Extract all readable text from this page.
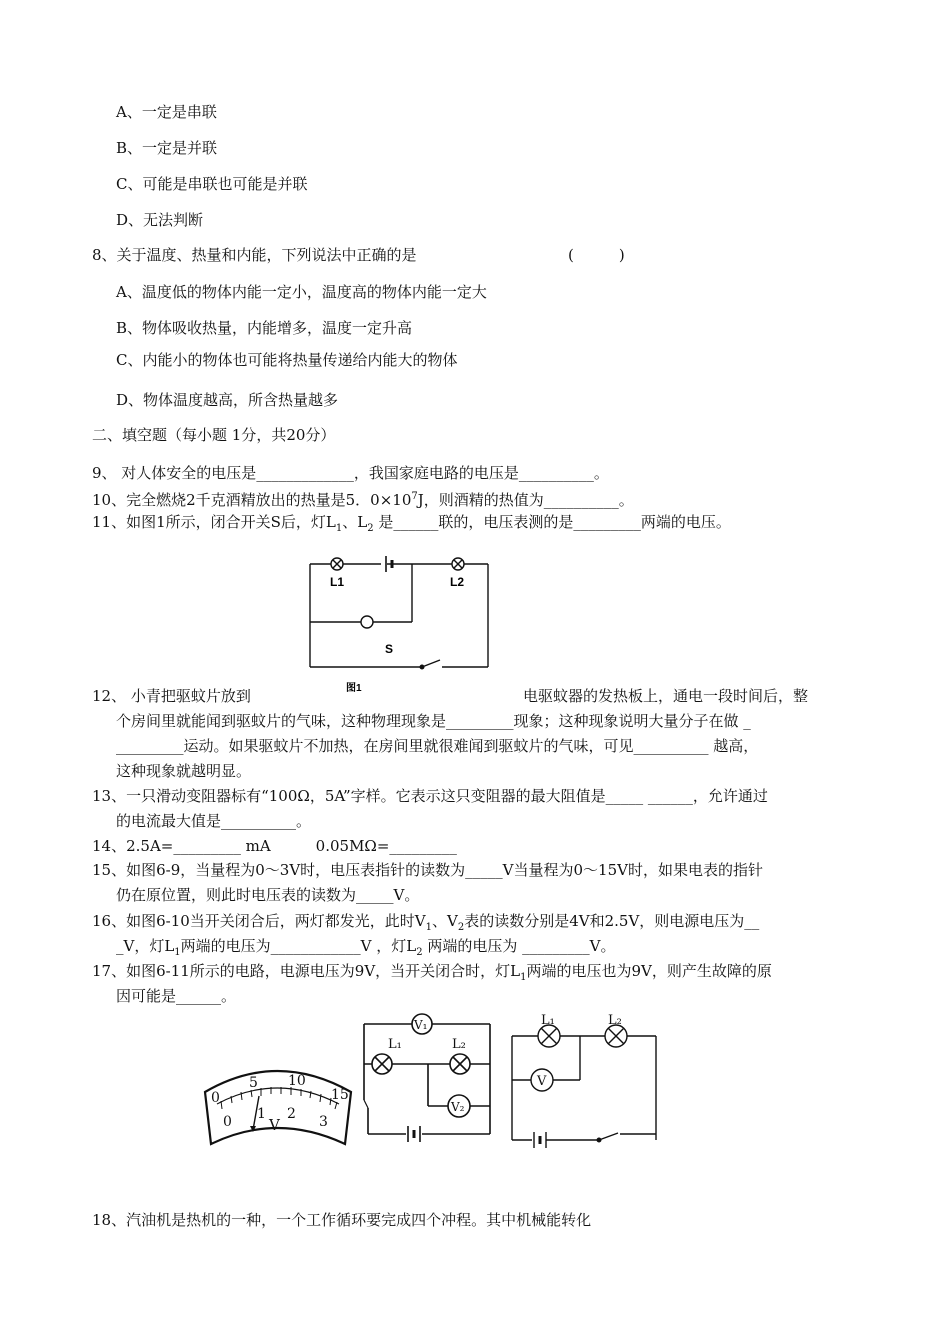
A、一定是串联
B、一定是并联
C、可能是串联也可能是并联
D、无法判断
8、关于温度、热量和内能，下列说法中正确的是	(　　　)
A、温度低的物体内能一定小，温度高的物体内能一定大
B、物体吸收热量，内能增多，温度一定升高
C、内能小的物体也可能将热量传递给内能大的物体
D、物体温度越高，所含热量越多
二、填空题（每小题 1分，共20分）
9、 对人体安全的电压是_____________，我国家庭电路的电压是__________。
10、完全燃烧2千克酒精放出的热量是5．$0\times 10^7J$，则酒精的热值为__________。
11、如图1所示，闭合开关S后，灯$L_1$、$L_2$ 是______联的，电压表测的是_________两端的电压。
L1	L2
S
图1
12、 小青把驱蚊片放到	电驱蚊器的发热板上，通电一段时间后，整
个房间里就能闻到驱蚊片的气味，这种物理现象是_________现象；这种现象说明大量分子在做 _
_________运动。如果驱蚊片不加热，在房间里就很难闻到驱蚊片的气味，可见__________ 越高，
这种现象就越明显。
13、一只滑动变阻器标有“100Ω，5A”字样。它表示这只变阻器的最大阻值是_____ ______，允许通过
的电流最大值是__________。
14、2.5A=_________ mA　　　0.05MΩ=_________
15、如图6-9，当量程为0～3V时，电压表指针的读数为_____V当量程为0～15V时，如果电表的指针
仍在原位置，则此时电压表的读数为_____V。
16、如图6-10当开关闭合后，两灯都发光，此时$V_1$、$V_2$表的读数分别是4V和2.5V，则电源电压为__
_V，灯$L_1$两端的电压为____________V ，灯$L_2$ 两端的电压为 _________V。
17、如图6-11所示的电路，电源电压为9V，当开关闭合时，灯$L_1$两端的电压也为9V，则产生故障的原
因可能是______。
0
5 10
15
0 1 2 3
V
V₁
V₂
L₁	L₂
L₁	L₂
V
18、汽油机是热机的一种，一个工作循环要完成四个冲程。其中机械能转化
